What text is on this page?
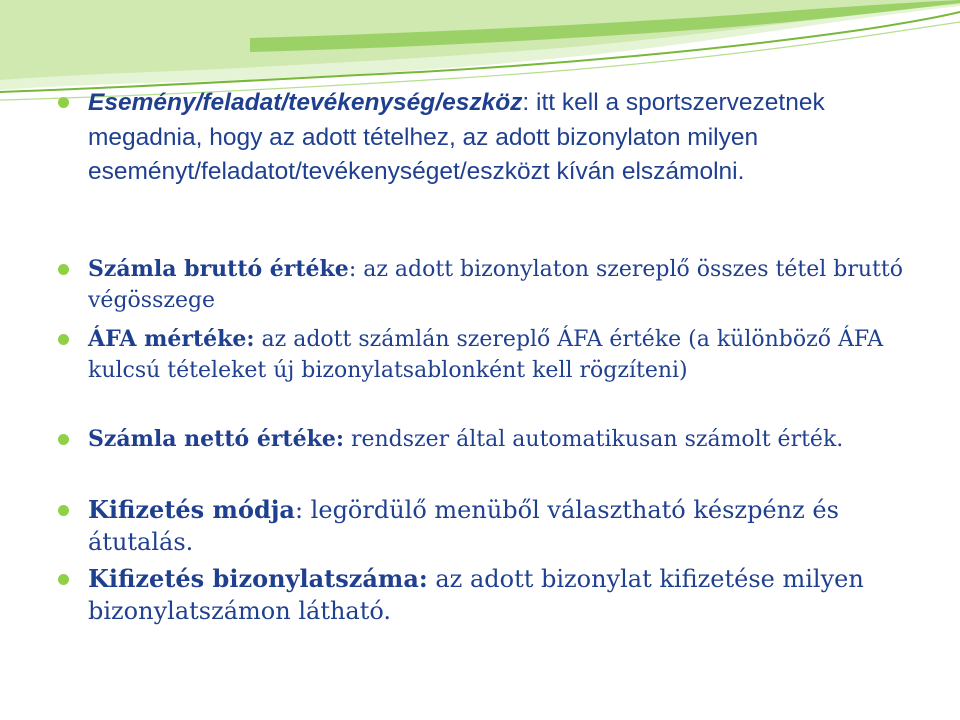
Esemény/feladat/tevékenység/eszköz: itt kell a sportszervezetnek megadnia, hogy az adott tételhez, az adott bizonylaton milyen eseményt/feladatot/tevékenységet/eszközt kíván elszámolni.
Számla bruttó értéke: az adott bizonylaton szereplő összes tétel bruttó végösszege
ÁFA mértéke: az adott számlán szereplő ÁFA értéke (a különböző ÁFA kulcsú tételeket új bizonylatsablonként kell rögzíteni)
Számla nettó értéke: rendszer által automatikusan számolt érték.
Kifizetés módja: legördülő menüből választható készpénz és átutalás.
Kifizetés bizonylatszáma: az adott bizonylat kifizetése milyen bizonylatszámon látható.
